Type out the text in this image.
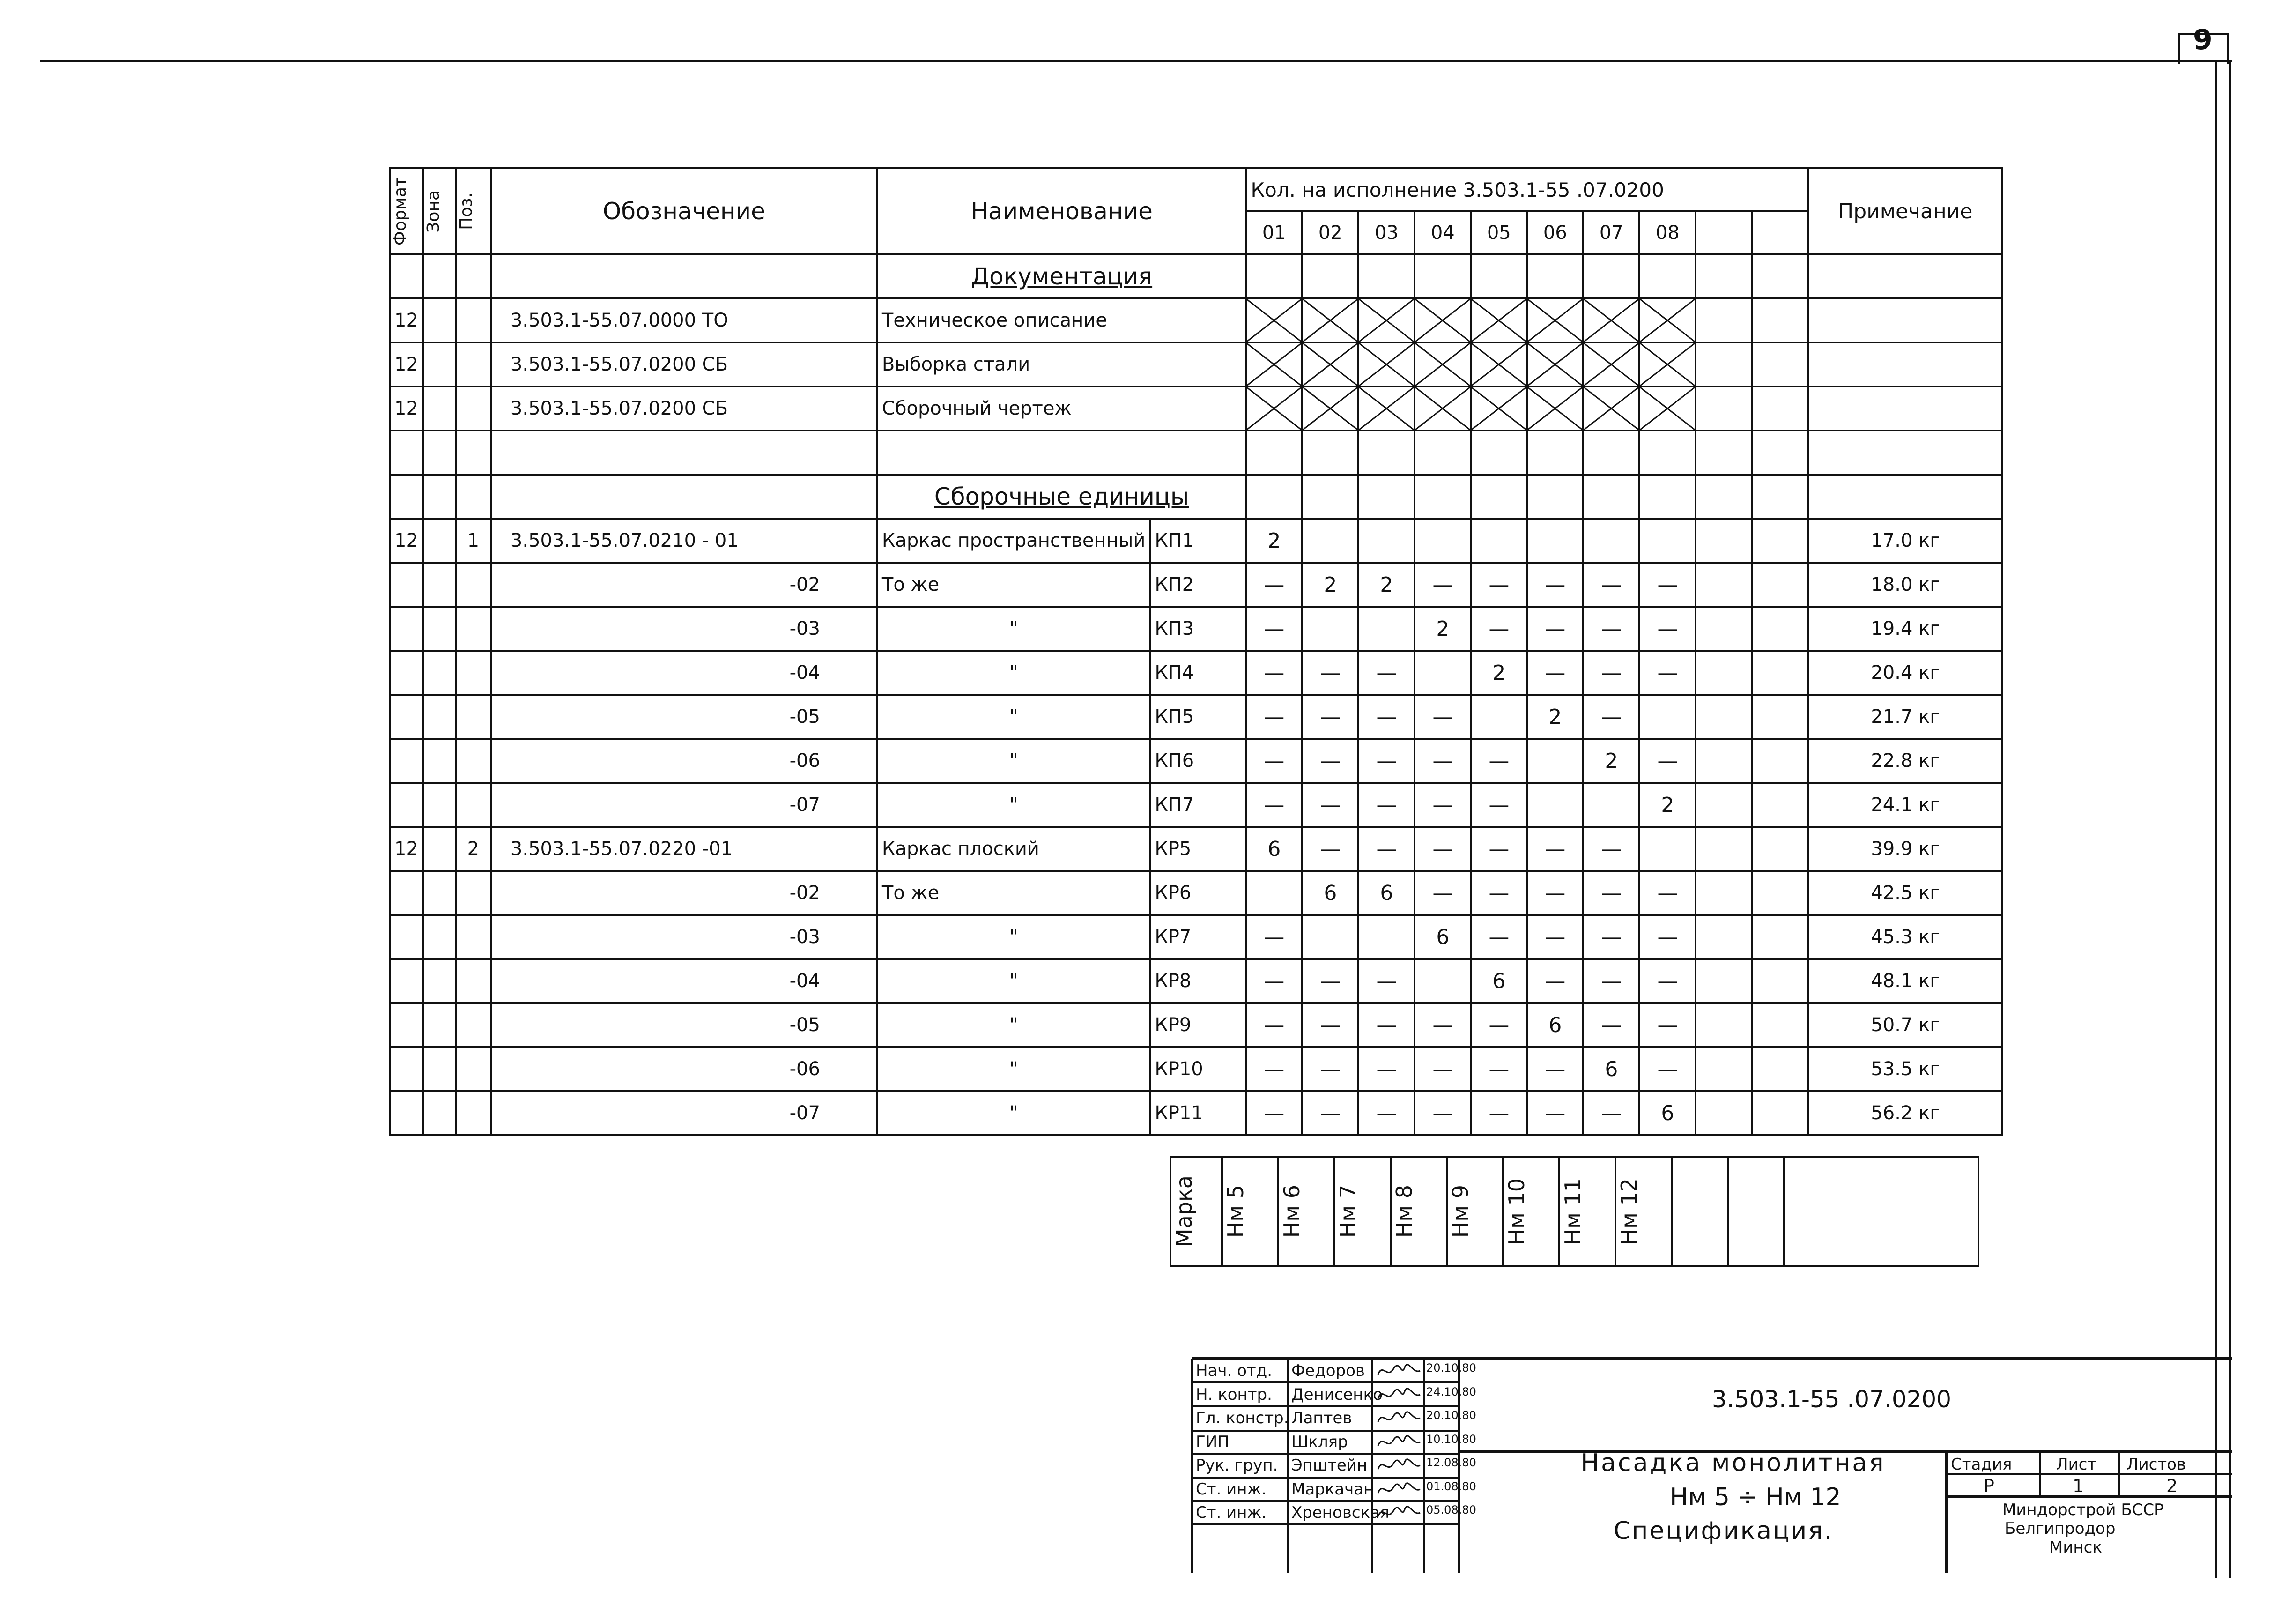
9
Формат	Зона	Поз.	Обозначение	Наименование		Кол. на исполнение 3.503.1-55 .07.0200										Примечание
						01	02	03	04	05	06	07	08			
				Документация												
12			3.503.1-55.07.0000 ТО	Техническое описание	

12			3.503.1-55.07.0200 СБ	Выборка стали	

12			3.503.1-55.07.0200 СБ	Сборочный чертеж	

				Сборочные единицы												
12		1	3.503.1-55.07.0210 - 01	Каркас пространственный	КП1	2										17.0 кг
			-02	То же	КП2	—	2	2	—	—	—	—	—			18.0 кг
			-03	"	КП3	—			2	—	—	—	—			19.4 кг
			-04	"	КП4	—	—	—		2	—	—	—			20.4 кг
			-05	"	КП5	—	—	—	—		2	—				21.7 кг
			-06	"	КП6	—	—	—	—	—		2	—			22.8 кг
			-07	"	КП7	—	—	—	—	—			2			24.1 кг
12		2	3.503.1-55.07.0220 -01	Каркас плоский	КР5	6	—	—	—	—	—	—				39.9 кг
			-02	То же	КР6		6	6	—	—	—	—	—			42.5 кг
			-03	"	КР7	—			6	—	—	—	—			45.3 кг
			-04	"	КР8	—	—	—		6	—	—	—			48.1 кг
			-05	"	КР9	—	—	—	—	—	6	—	—			50.7 кг
			-06	"	КР10	—	—	—	—	—	—	6	—			53.5 кг
			-07	"	КР11	—	—	—	—	—	—	—	6			56.2 кг
Марка	Нм 5	Нм 6	Нм 7	Нм 8	Нм 9	Нм 10	Нм 11	Нм 12

Нач. отд. Федоров	20.10.80
Н. контр. Денисенко	24.10.80
Гл. констр. Лаптев	20.10.80
ГИП	Шкляр	10.10.80
Рук. груп. Эпштейн	12.08.80
Ст. инж. Маркачан	01.08.80
Ст. инж. Хреновская	05.08.80
3.503.1-55 .07.0200
Насадка монолитная
Нм 5 ÷ Нм 12
Спецификация.
Стадия	Лист Листов
Р	1	2
Миндорстрой БССР
Белгипродор
Минск
